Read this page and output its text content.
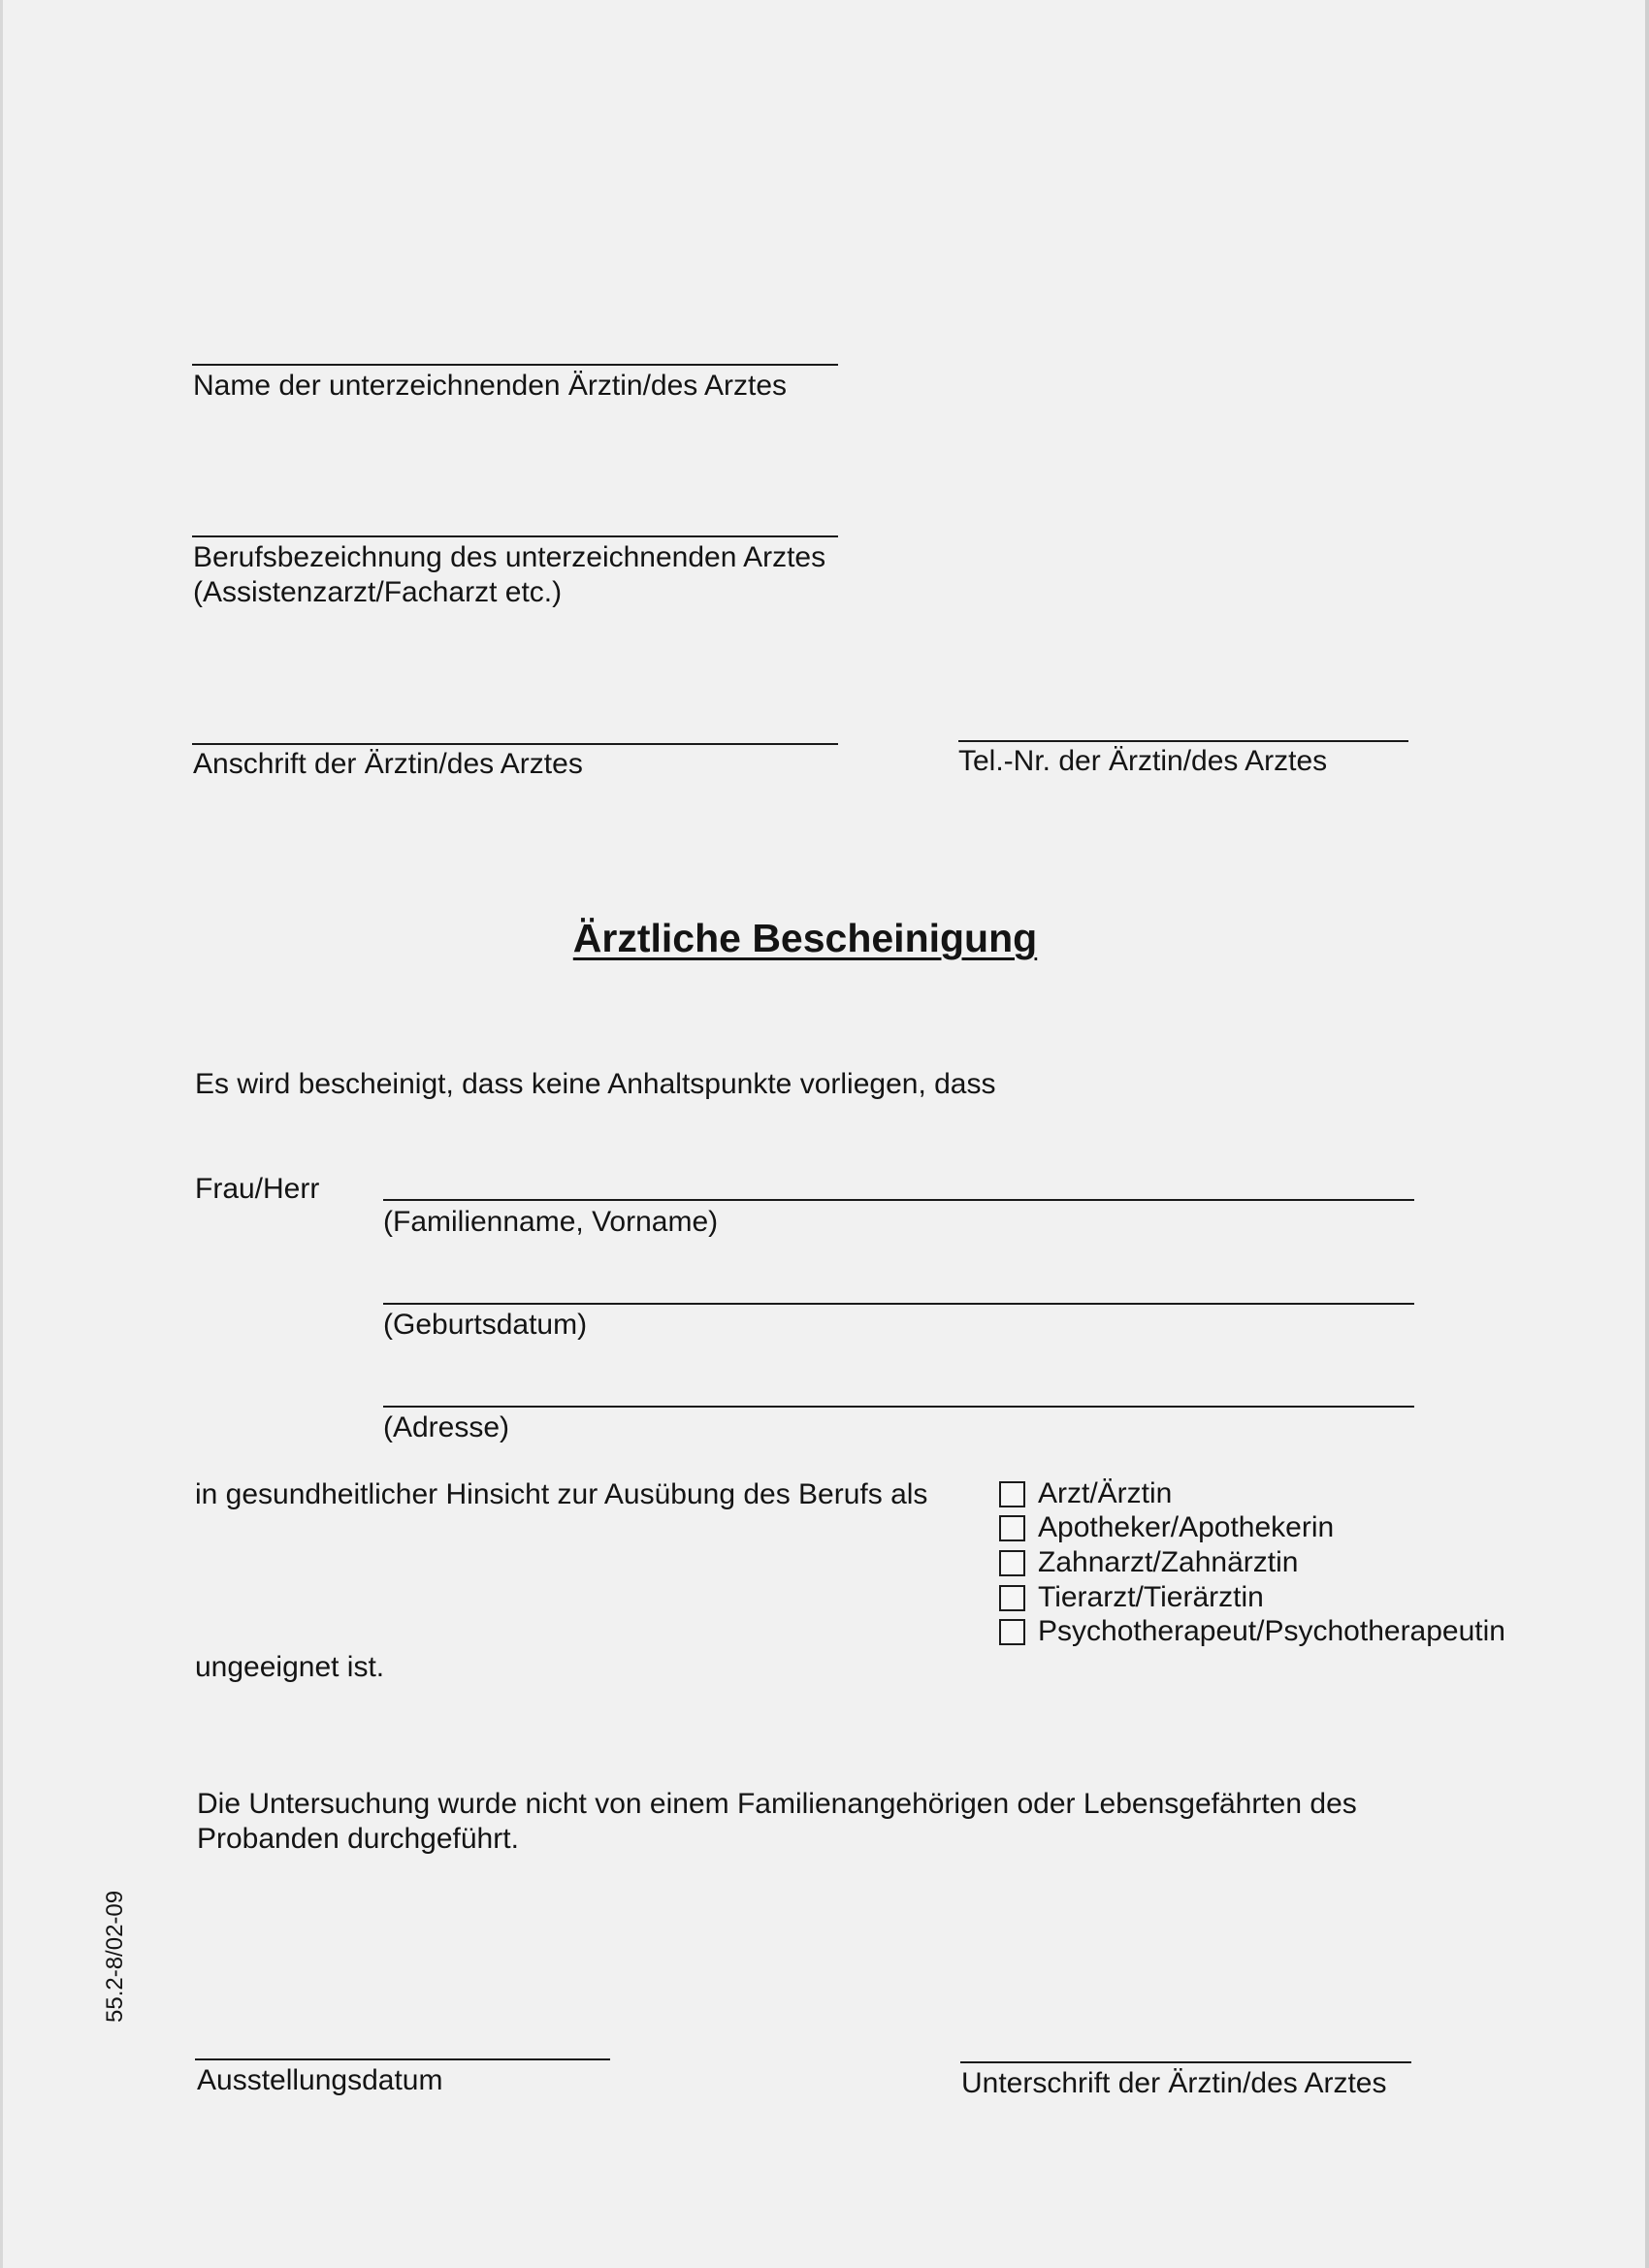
Name der unterzeichnenden Ärztin/des Arztes
Berufsbezeichnung des unterzeichnenden Arztes
(Assistenzarzt/Facharzt etc.)
Anschrift der Ärztin/des Arztes	Tel.-Nr. der Ärztin/des Arztes
Ärztliche Bescheinigung
Es wird bescheinigt, dass keine Anhaltspunkte vorliegen, dass
Frau/Herr
(Familienname, Vorname)
(Geburtsdatum)
(Adresse)
in gesundheitlicher Hinsicht zur Ausübung des Berufs als	Arzt/Ärztin
Apotheker/Apothekerin
Zahnarzt/Zahnärztin
Tierarzt/Tierärztin
Psychotherapeut/Psychotherapeutin
ungeeignet ist.
Die Untersuchung wurde nicht von einem Familienangehörigen oder Lebensgefährten des
Probanden durchgeführt.
55.2-8/02-09
Ausstellungsdatum	Unterschrift der Ärztin/des Arztes
